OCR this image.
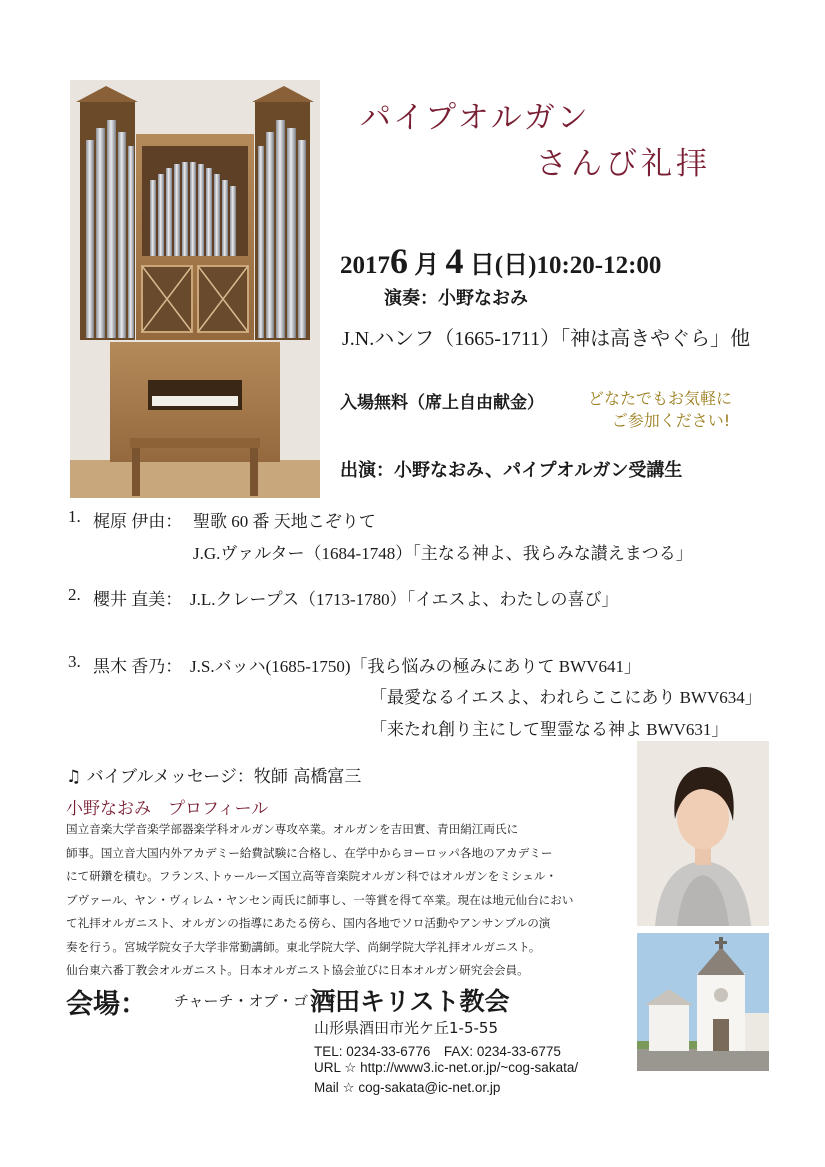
パイプオルガン
さんび礼拝
20176 月 4 日(日)10:20-12:00
演奏：小野なおみ
J.N.ハンフ（1665-1711）「神は高きやぐら」他
入場無料（席上自由献金）	どなたでもお気軽に
ご参加ください!
出演：小野なおみ、パイプオルガン受講生
1. 梶原 伊由： 聖歌 60 番 天地こぞりて
J.G.ヴァルター（1684-1748）「主なる神よ、我らみな讃えまつる」
2. 櫻井 直美： J.L.クレープス（1713-1780）「イエスよ、わたしの喜び」
3. 黒木 香乃： J.S.バッハ(1685-1750)「我ら悩みの極みにありて BWV641」
「最愛なるイエスよ、われらここにあり BWV634」
「来たれ創り主にして聖霊なる神よ BWV631」
♫ バイブルメッセージ：牧師 高橋富三
小野なおみ　プロフィール
国立音楽大学音楽学部器楽学科オルガン専攻卒業。オルガンを吉田實、青田絹江両氏に
師事。国立音大国内外アカデミー給費試験に合格し、在学中からヨーロッパ各地のアカデミー
にて研鑽を積む。フランス､トゥールーズ国立高等音楽院オルガン科ではオルガンをミシェル・
ブヴァール、ヤン・ヴィレム・ヤンセン両氏に師事し、一等賞を得て卒業。現在は地元仙台におい
て礼拝オルガニスト、オルガンの指導にあたる傍ら、国内各地でソロ活動やアンサンブルの演
奏を行う。宮城学院女子大学非常勤講師。東北学院大学、尚絅学院大学礼拝オルガニスト。
仙台東六番丁教会オルガニスト。日本オルガニスト協会並びに日本オルガン研究会会員。
会場： チャーチ・オブ・ゴッド
酒田キリスト教会
山形県酒田市光ケ丘1-5-55
TEL: 0234-33-6776　FAX: 0234-33-6775
URL ☆ http://www3.ic-net.or.jp/~cog-sakata/
Mail ☆ cog-sakata@ic-net.or.jp
